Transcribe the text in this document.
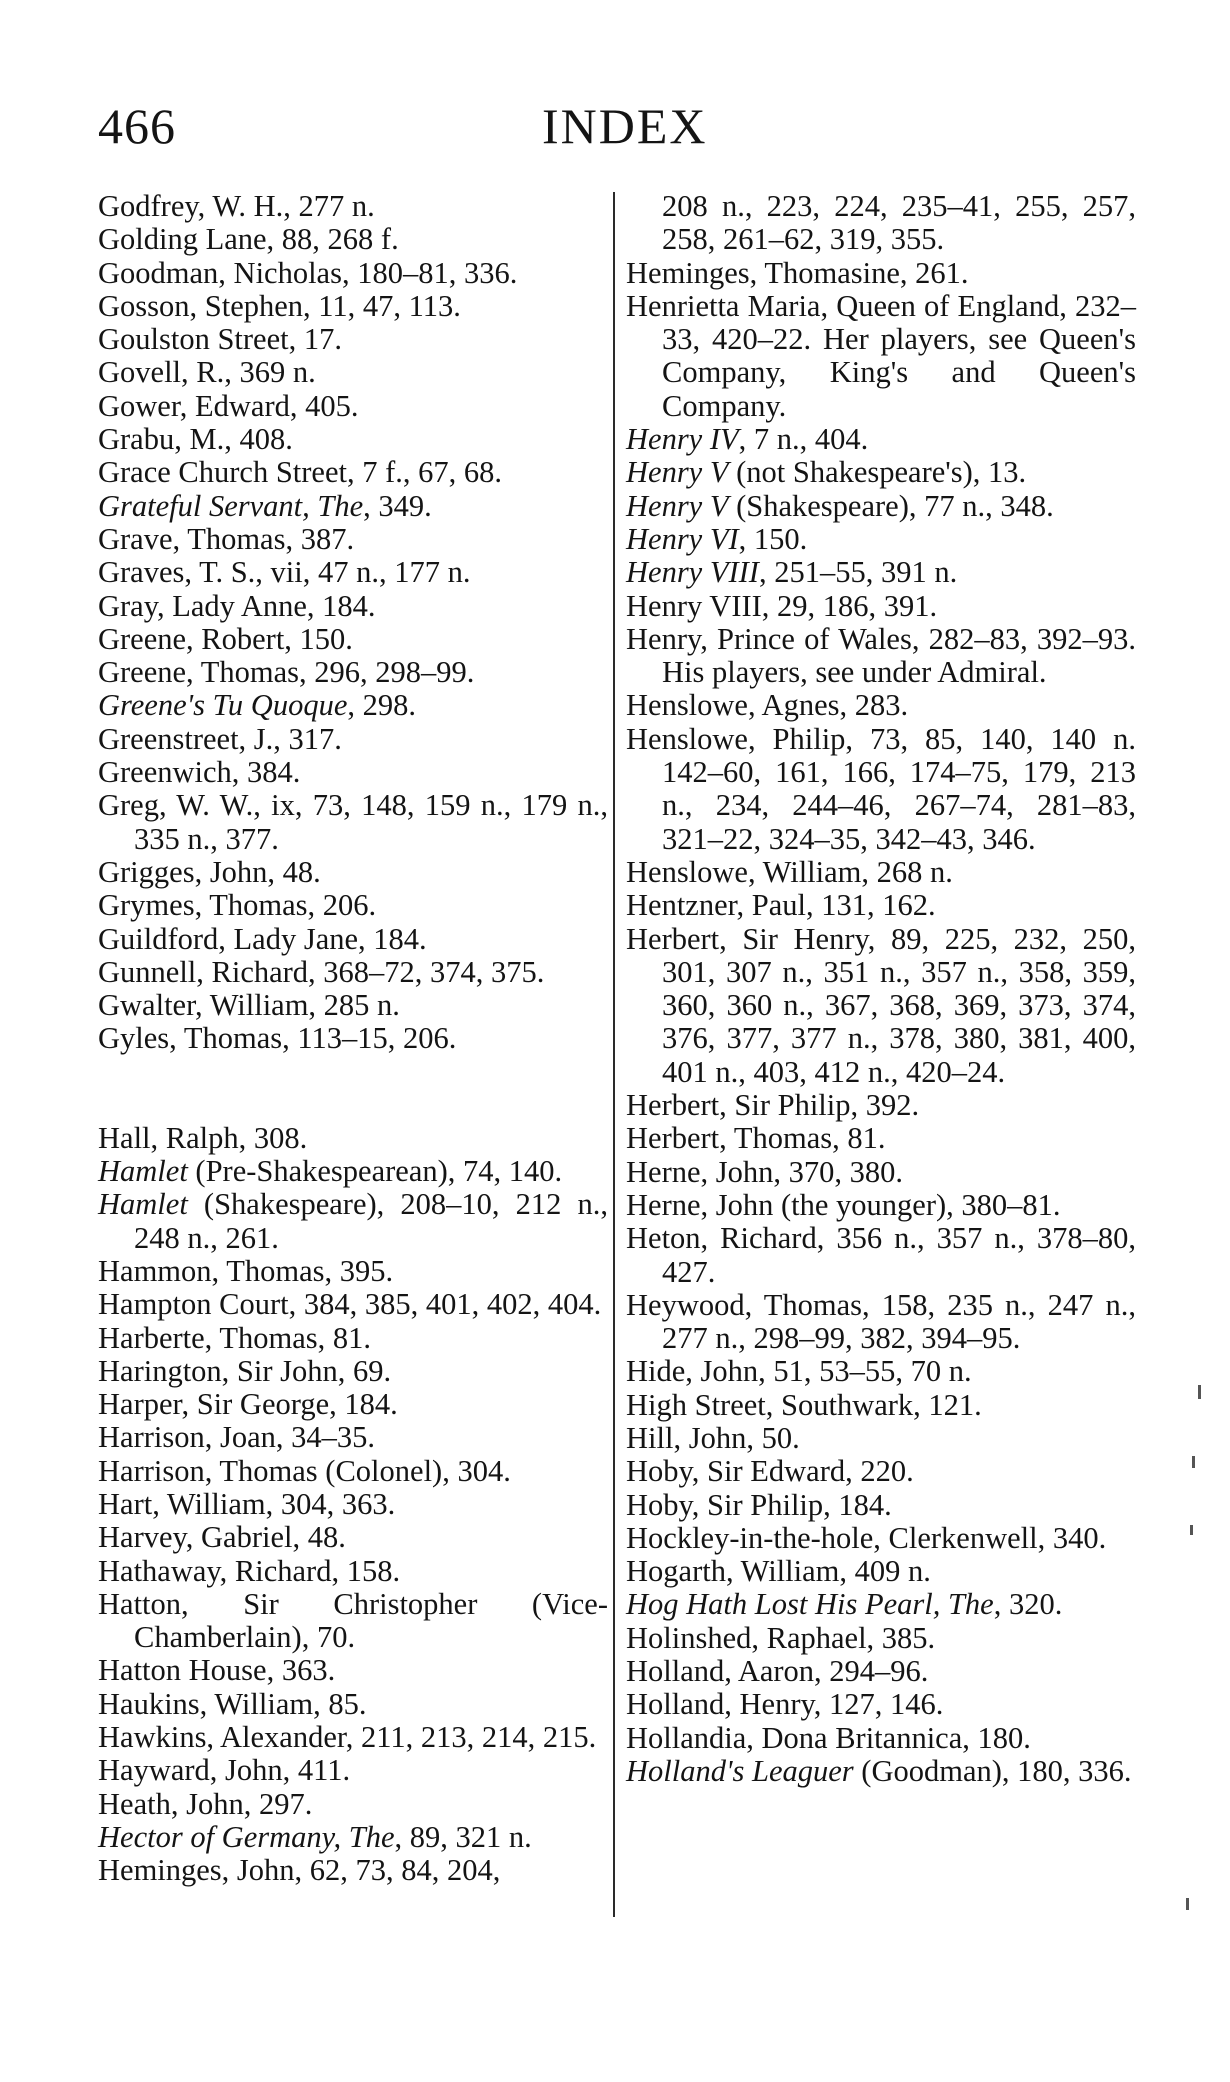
466	INDEX
Godfrey, W. H., 277 n.
Golding Lane, 88, 268 f.
Goodman, Nicholas, 180–81, 336.
Gosson, Stephen, 11, 47, 113.
Goulston Street, 17.
Govell, R., 369 n.
Gower, Edward, 405.
Grabu, M., 408.
Grace Church Street, 7 f., 67, 68.
Grateful Servant, The, 349.
Grave, Thomas, 387.
Graves, T. S., vii, 47 n., 177 n.
Gray, Lady Anne, 184.
Greene, Robert, 150.
Greene, Thomas, 296, 298–99.
Greene's Tu Quoque, 298.
Greenstreet, J., 317.
Greenwich, 384.
Greg, W. W., ix, 73, 148, 159 n., 179 n., 335 n., 377.
Grigges, John, 48.
Grymes, Thomas, 206.
Guildford, Lady Jane, 184.
Gunnell, Richard, 368–72, 374, 375.
Gwalter, William, 285 n.
Gyles, Thomas, 113–15, 206.
Hall, Ralph, 308.
Hamlet (Pre-Shakespearean), 74, 140.
Hamlet (Shakespeare), 208–10, 212 n., 248 n., 261.
Hammon, Thomas, 395.
Hampton Court, 384, 385, 401, 402, 404.
Harberte, Thomas, 81.
Harington, Sir John, 69.
Harper, Sir George, 184.
Harrison, Joan, 34–35.
Harrison, Thomas (Colonel), 304.
Hart, William, 304, 363.
Harvey, Gabriel, 48.
Hathaway, Richard, 158.
Hatton, Sir Christopher (Vice-Chamberlain), 70.
Hatton House, 363.
Haukins, William, 85.
Hawkins, Alexander, 211, 213, 214, 215.
Hayward, John, 411.
Heath, John, 297.
Hector of Germany, The, 89, 321 n.
Heminges, John, 62, 73, 84, 204,
208 n., 223, 224, 235–41, 255, 257, 258, 261–62, 319, 355.
Heminges, Thomasine, 261.
Henrietta Maria, Queen of England, 232–33, 420–22. Her players, see Queen's Company, King's and Queen's Company.
Henry IV, 7 n., 404.
Henry V (not Shakespeare's), 13.
Henry V (Shakespeare), 77 n., 348.
Henry VI, 150.
Henry VIII, 251–55, 391 n.
Henry VIII, 29, 186, 391.
Henry, Prince of Wales, 282–83, 392–93. His players, see under Admiral.
Henslowe, Agnes, 283.
Henslowe, Philip, 73, 85, 140, 140 n. 142–60, 161, 166, 174–75, 179, 213 n., 234, 244–46, 267–74, 281–83, 321–22, 324–35, 342–43, 346.
Henslowe, William, 268 n.
Hentzner, Paul, 131, 162.
Herbert, Sir Henry, 89, 225, 232, 250, 301, 307 n., 351 n., 357 n., 358, 359, 360, 360 n., 367, 368, 369, 373, 374, 376, 377, 377 n., 378, 380, 381, 400, 401 n., 403, 412 n., 420–24.
Herbert, Sir Philip, 392.
Herbert, Thomas, 81.
Herne, John, 370, 380.
Herne, John (the younger), 380–81.
Heton, Richard, 356 n., 357 n., 378–80, 427.
Heywood, Thomas, 158, 235 n., 247 n., 277 n., 298–99, 382, 394–95.
Hide, John, 51, 53–55, 70 n.
High Street, Southwark, 121.
Hill, John, 50.
Hoby, Sir Edward, 220.
Hoby, Sir Philip, 184.
Hockley-in-the-hole, Clerkenwell, 340.
Hogarth, William, 409 n.
Hog Hath Lost His Pearl, The, 320.
Holinshed, Raphael, 385.
Holland, Aaron, 294–96.
Holland, Henry, 127, 146.
Hollandia, Dona Britannica, 180.
Holland's Leaguer (Goodman), 180, 336.
